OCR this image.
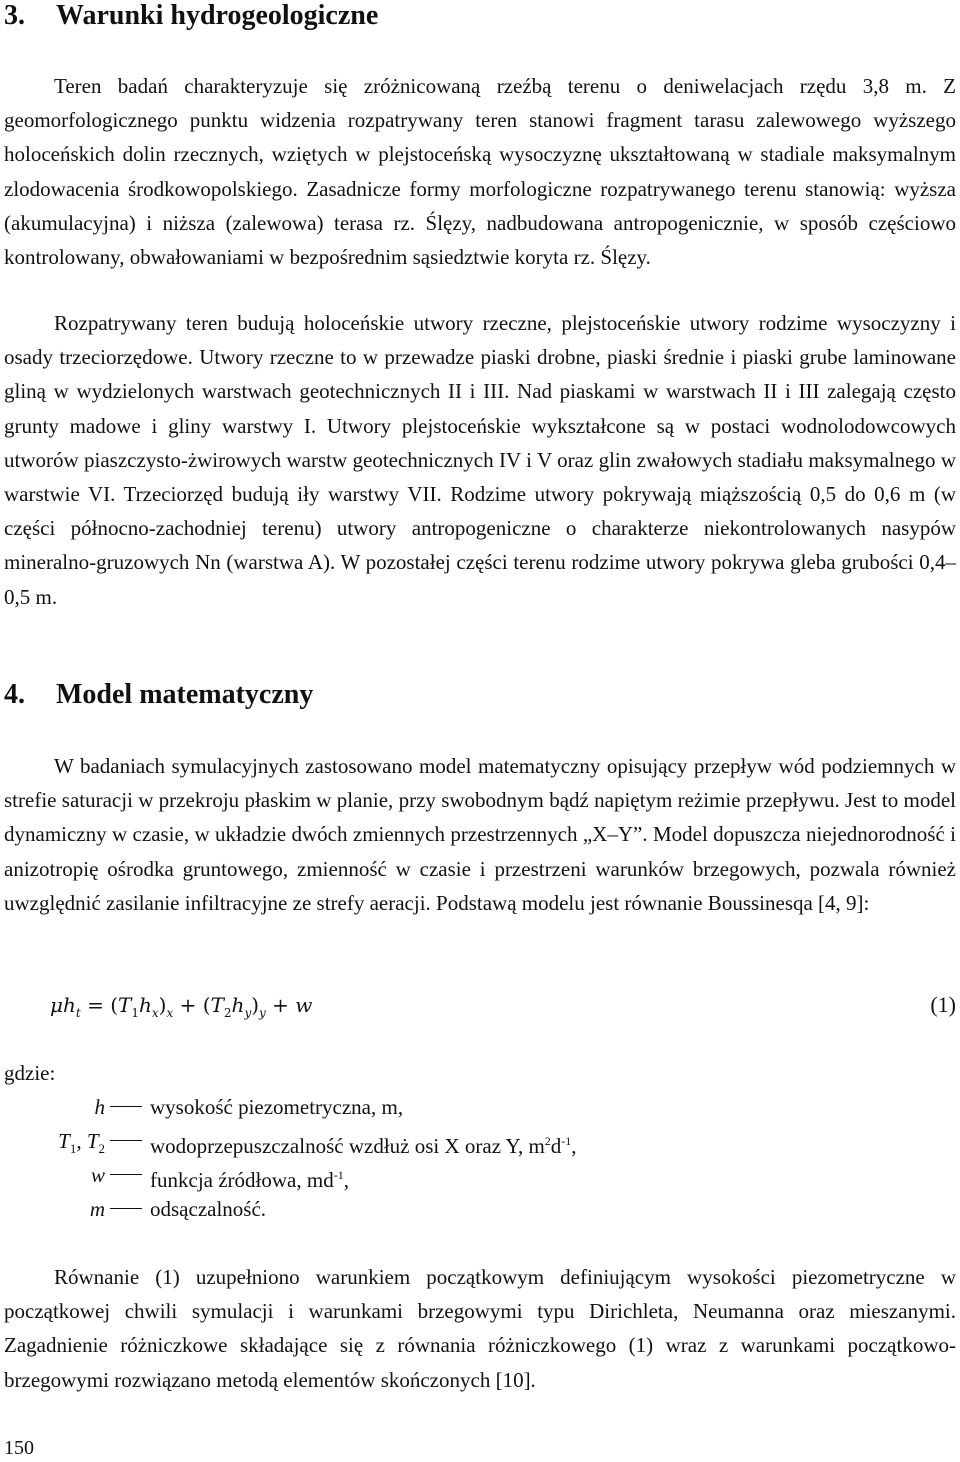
3. Warunki hydrogeologiczne

Teren badań charakteryzuje się zróżnicowaną rzeźbą terenu o deniwelacjach rzędu 3,8 m. Z geomorfologicznego punktu widzenia rozpatrywany teren stanowi fragment tarasu zalewowego wyższego holoceńskich dolin rzecznych, wziętych w plejstoceńską wysoczyznę ukształtowaną w stadiale maksymalnym zlodowacenia środkowopolskiego. Zasadnicze formy morfologiczne rozpatrywanego terenu stanowią: wyższa (akumulacyjna) i niższa (zalewowa) terasa rz. Ślęzy, nadbudowana antropogenicznie, w sposób częściowo kontrolowany, obwałowaniami w bezpośrednim sąsiedztwie koryta rz. Ślęzy.

Rozpatrywany teren budują holoceńskie utwory rzeczne, plejstoceńskie utwory rodzime wysoczyzny i osady trzeciorzędowe. Utwory rzeczne to w przewadze piaski drobne, piaski średnie i piaski grube laminowane gliną w wydzielonych warstwach geotechnicznych II i III. Nad piaskami w warstwach II i III zalegają często grunty madowe i gliny warstwy I. Utwory plejstoceńskie wykształcone są w postaci wodnolodowcowych utworów piaszczysto-żwirowych warstw geotechnicznych IV i V oraz glin zwałowych stadiału maksymalnego w warstwie VI. Trzeciorzęd budują iły warstwy VII. Rodzime utwory pokrywają miąższością 0,5 do 0,6 m (w części północno-zachodniej terenu) utwory antropogeniczne o charakterze niekontrolowanych nasypów mineralno-gruzowych Nn (warstwa A). W pozostałej części terenu rodzime utwory pokrywa gleba grubości 0,4–0,5 m.

4. Model matematyczny

W badaniach symulacyjnych zastosowano model matematyczny opisujący przepływ wód podziemnych w strefie saturacji w przekroju płaskim w planie, przy swobodnym bądź napiętym reżimie przepływu. Jest to model dynamiczny w czasie, w układzie dwóch zmiennych przestrzennych „X–Y”. Model dopuszcza niejednorodność i anizotropię ośrodka gruntowego, zmienność w czasie i przestrzeni warunków brzegowych, pozwala również uwzględnić zasilanie infiltracyjne ze strefy aeracji. Podstawą modelu jest równanie Boussinesqa [4, 9]:

$\mu h_t = (T_1h_x)_x + (T_2h_y)_y + w$	(1)

gdzie:

h wysokość piezometryczna, m,
$T_1$, $T_2$ wodoprzepuszczalność wzdłuż osi X oraz Y, $m^2d^{-1}$,
w funkcja źródłowa, $md^{-1}$,
m odsączalność.

Równanie (1) uzupełniono warunkiem początkowym definiującym wysokości piezometryczne w początkowej chwili symulacji i warunkami brzegowymi typu Dirichleta, Neumanna oraz mieszanymi. Zagadnienie różniczkowe składające się z równania różniczkowego (1) wraz z warunkami początkowo-brzegowymi rozwiązano metodą elementów skończonych [10].

150
